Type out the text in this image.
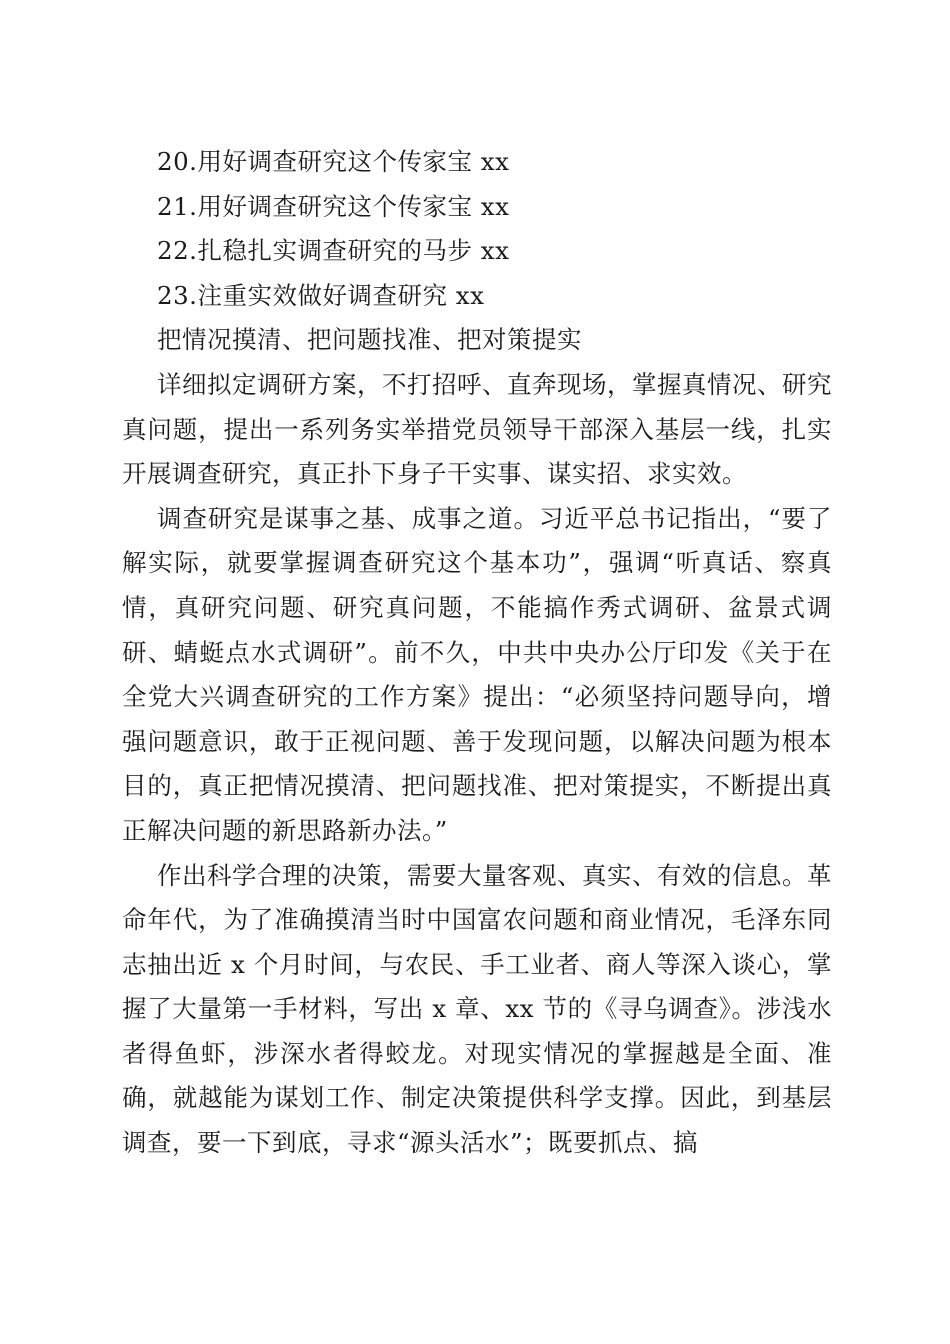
20.用好调查研究这个传家宝 xx

21.用好调查研究这个传家宝 xx

22.扎稳扎实调查研究的马步 xx

23.注重实效做好调查研究 xx

把情况摸清、把问题找准、把对策提实

详细拟定调研方案，不打招呼、直奔现场，掌握真情况、研究真问题，提出一系列务实举措党员领导干部深入基层一线，扎实开展调查研究，真正扑下身子干实事、谋实招、求实效。

调查研究是谋事之基、成事之道。习近平总书记指出，“要了解实际，就要掌握调查研究这个基本功”，强调“听真话、察真情，真研究问题、研究真问题，不能搞作秀式调研、盆景式调研、蜻蜓点水式调研”。前不久，中共中央办公厅印发《关于在全党大兴调查研究的工作方案》提出：“必须坚持问题导向，增强问题意识，敢于正视问题、善于发现问题，以解决问题为根本目的，真正把情况摸清、把问题找准、把对策提实，不断提出真正解决问题的新思路新办法。”

作出科学合理的决策，需要大量客观、真实、有效的信息。革命年代，为了准确摸清当时中国富农问题和商业情况，毛泽东同志抽出近 x 个月时间，与农民、手工业者、商人等深入谈心，掌握了大量第一手材料，写出 x 章、xx 节的《寻乌调查》。涉浅水者得鱼虾，涉深水者得蛟龙。对现实情况的掌握越是全面、准确，就越能为谋划工作、制定决策提供科学支撑。因此，到基层调查，要一下到底，寻求“源头活水”；既要抓点、搞
